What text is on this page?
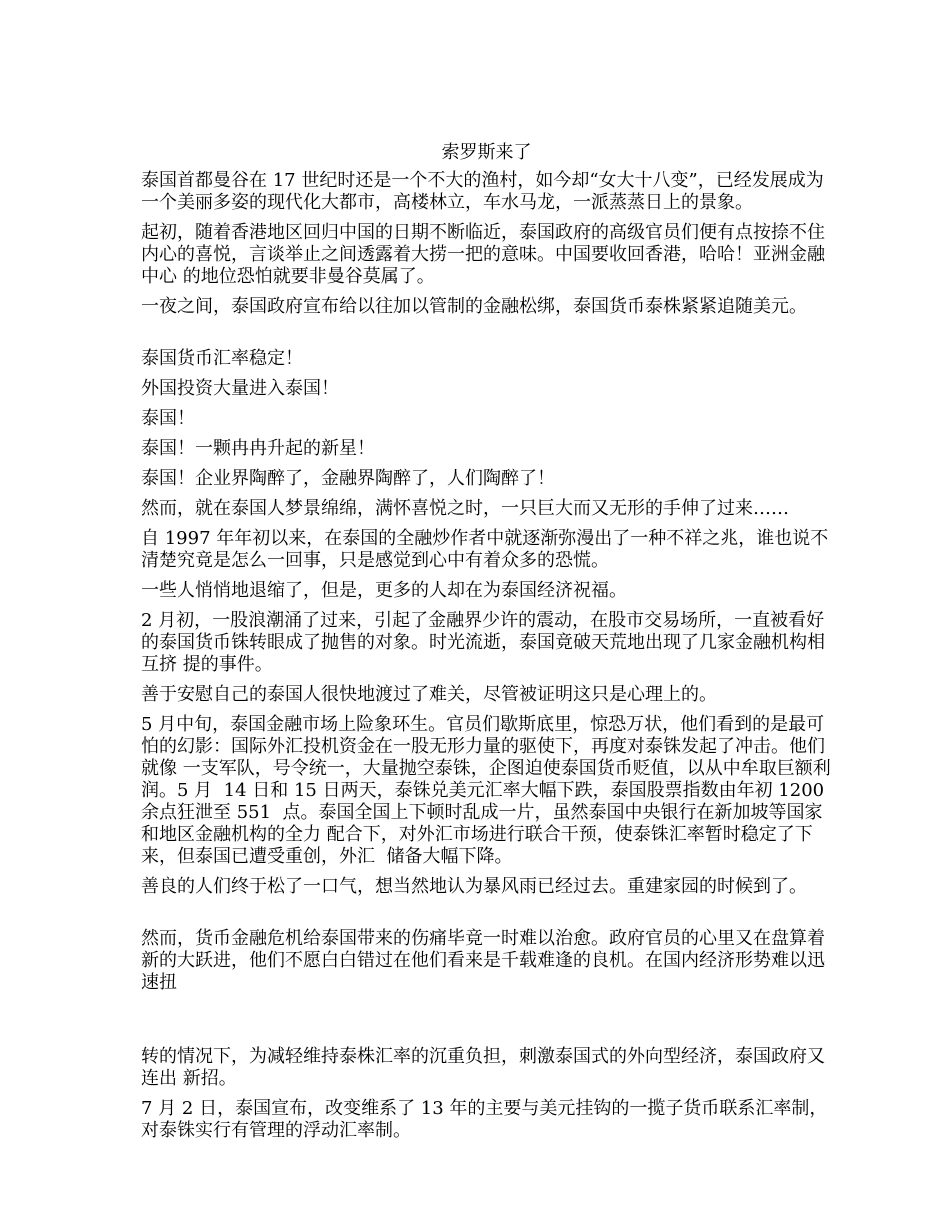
索罗斯来了

泰国首都曼谷在 17 世纪时还是一个不大的渔村，如今却“女大十八变”，已经发展成为 一个美丽多姿的现代化大都市，高楼林立，车水马龙，一派蒸蒸日上的景象。

起初，随着香港地区回归中国的日期不断临近，泰国政府的高级官员们便有点按捺不住 内心的喜悦，言谈举止之间透露着大捞一把的意味。中国要收回香港，哈哈！亚洲金融中心 的地位恐怕就要非曼谷莫属了。

一夜之间，泰国政府宣布给以往加以管制的金融松绑，泰国货币泰株紧紧追随美元。

泰国货币汇率稳定！

外国投资大量进入泰国！

泰国！

泰国！一颗冉冉升起的新星！

泰国！企业界陶醉了，金融界陶醉了，人们陶醉了！

然而，就在泰国人梦景绵绵，满怀喜悦之时，一只巨大而又无形的手伸了过来……

自 1997 年年初以来，在泰国的全融炒作者中就逐渐弥漫出了一种不祥之兆，谁也说不 清楚究竟是怎么一回事，只是感觉到心中有着众多的恐慌。

一些人悄悄地退缩了，但是，更多的人却在为泰国经济祝福。

2 月初，一股浪潮涌了过来，引起了金融界少许的震动，在股市交易场所，一直被看好 的泰国货币铢转眼成了抛售的对象。时光流逝，泰国竟破天荒地出现了几家金融机构相互挤 提的事件。

善于安慰自己的泰国人很快地渡过了难关，尽管被证明这只是心理上的。

5 月中旬，泰国金融市场上险象环生。官员们歇斯底里，惊恐万状，他们看到的是最可 怕的幻影：国际外汇投机资金在一股无形力量的驱使下，再度对泰铢发起了冲击。他们就像 一支军队，号令统一，大量抛空泰铢，企图迫使泰国货币贬值，以从中牟取巨额利润。5 月  14 日和 15 日两天，泰铢兑美元汇率大幅下跌，泰国股票指数由年初 1200 余点狂泄至 551  点。泰国全国上下顿时乱成一片，虽然泰国中央银行在新加坡等国家和地区金融机构的全力 配合下，对外汇市场进行联合干预，使泰铢汇率暂时稳定了下来，但泰国已遭受重创，外汇  储备大幅下降。

善良的人们终于松了一口气，想当然地认为暴风雨已经过去。重建家园的时候到了。

然而，货币金融危机给泰国带来的伤痛毕竟一时难以治愈。政府官员的心里又在盘算着 新的大跃进，他们不愿白白错过在他们看来是千载难逢的良机。在国内经济形势难以迅速扭

转的情况下，为减轻维持泰株汇率的沉重负担，刺激泰国式的外向型经济，泰国政府又连出 新招。

7 月 2 日，泰国宣布，改变维系了 13 年的主要与美元挂钩的一揽子货币联系汇率制， 对泰铢实行有管理的浮动汇率制。
